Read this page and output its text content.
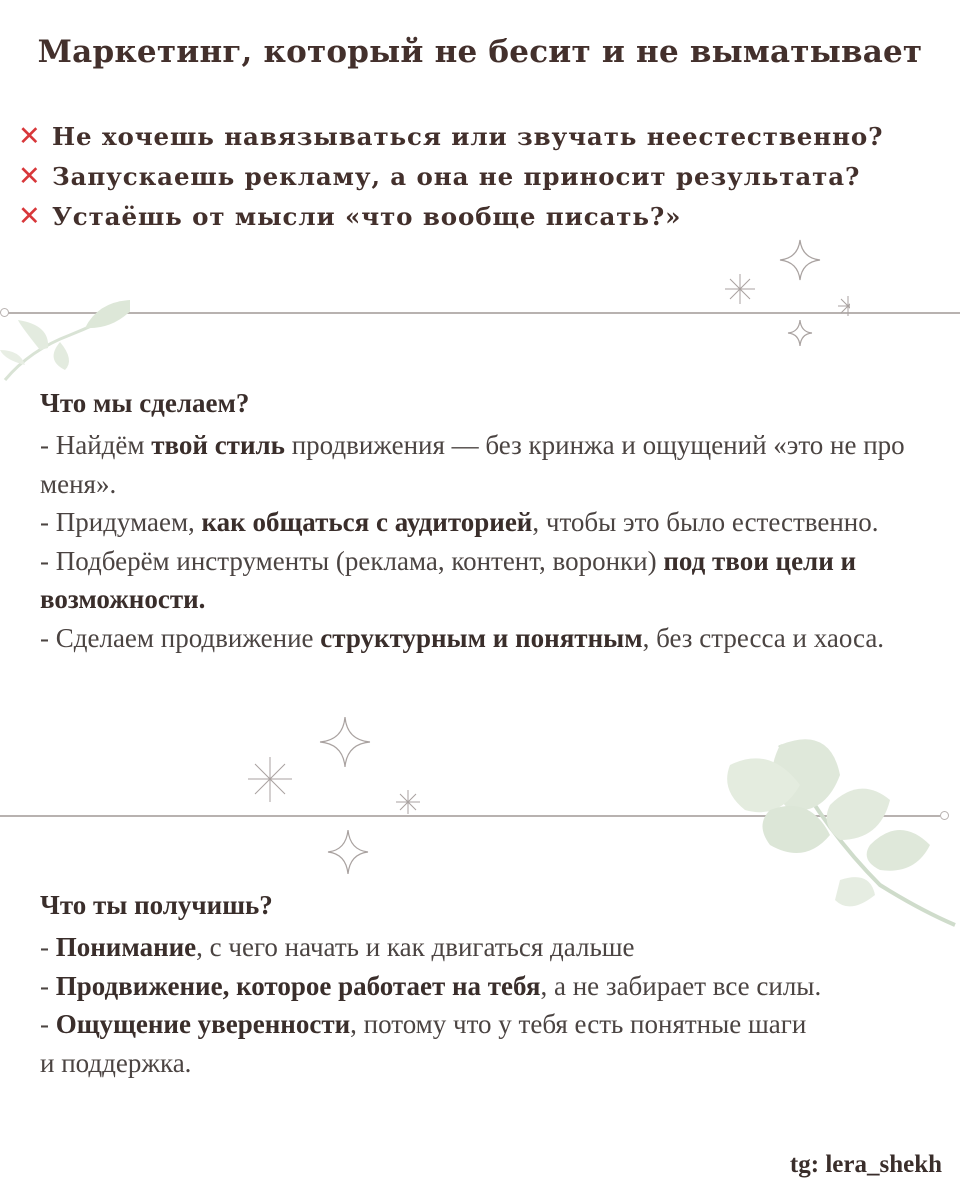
Маркетинг, который не бесит и не выматывает
✕ Не хочешь навязываться или звучать неестественно?
✕ Запускаешь рекламу, а она не приносит результата?
✕ Устаёшь от мысли «что вообще писать?»
Что мы сделаем?
- Найдём твой стиль продвижения — без кринжа и ощущений «это не про меня».
- Придумаем, как общаться с аудиторией, чтобы это было естественно.
- Подберём инструменты (реклама, контент, воронки) под твои цели и возможности.
- Сделаем продвижение структурным и понятным, без стресса и хаоса.
Что ты получишь?
- Понимание, с чего начать и как двигаться дальше
- Продвижение, которое работает на тебя, а не забирает все силы.
- Ощущение уверенности, потому что у тебя есть понятные шаги и поддержка.
tg: lera_shekh
